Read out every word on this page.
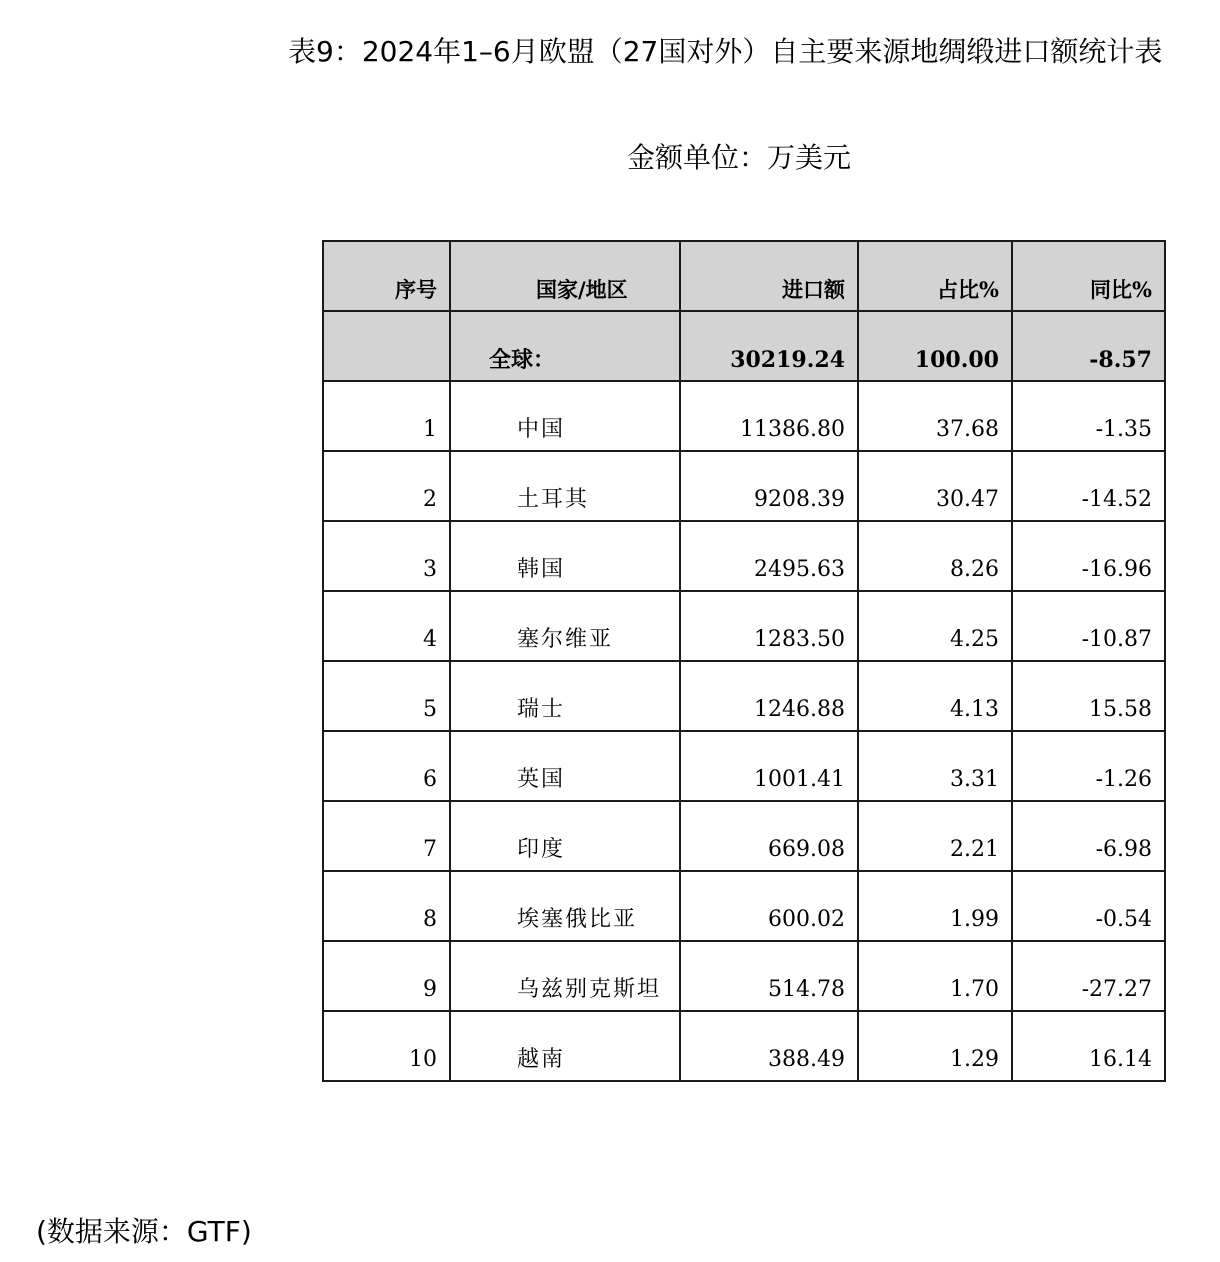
表9：2024年1–6月欧盟（27国对外）自主要来源地绸缎进口额统计表
金额单位：万美元
序号	国家/地区	进口额	占比%	同比%
	全球：	30219.24	100.00	-8.57
1	中国	11386.80	37.68	-1.35
2	土耳其	9208.39	30.47	-14.52
3	韩国	2495.63	8.26	-16.96
4	塞尔维亚	1283.50	4.25	-10.87
5	瑞士	1246.88	4.13	15.58
6	英国	1001.41	3.31	-1.26
7	印度	669.08	2.21	-6.98
8	埃塞俄比亚	600.02	1.99	-0.54
9	乌兹别克斯坦	514.78	1.70	-27.27
10	越南	388.49	1.29	16.14
(数据来源：GTF)
